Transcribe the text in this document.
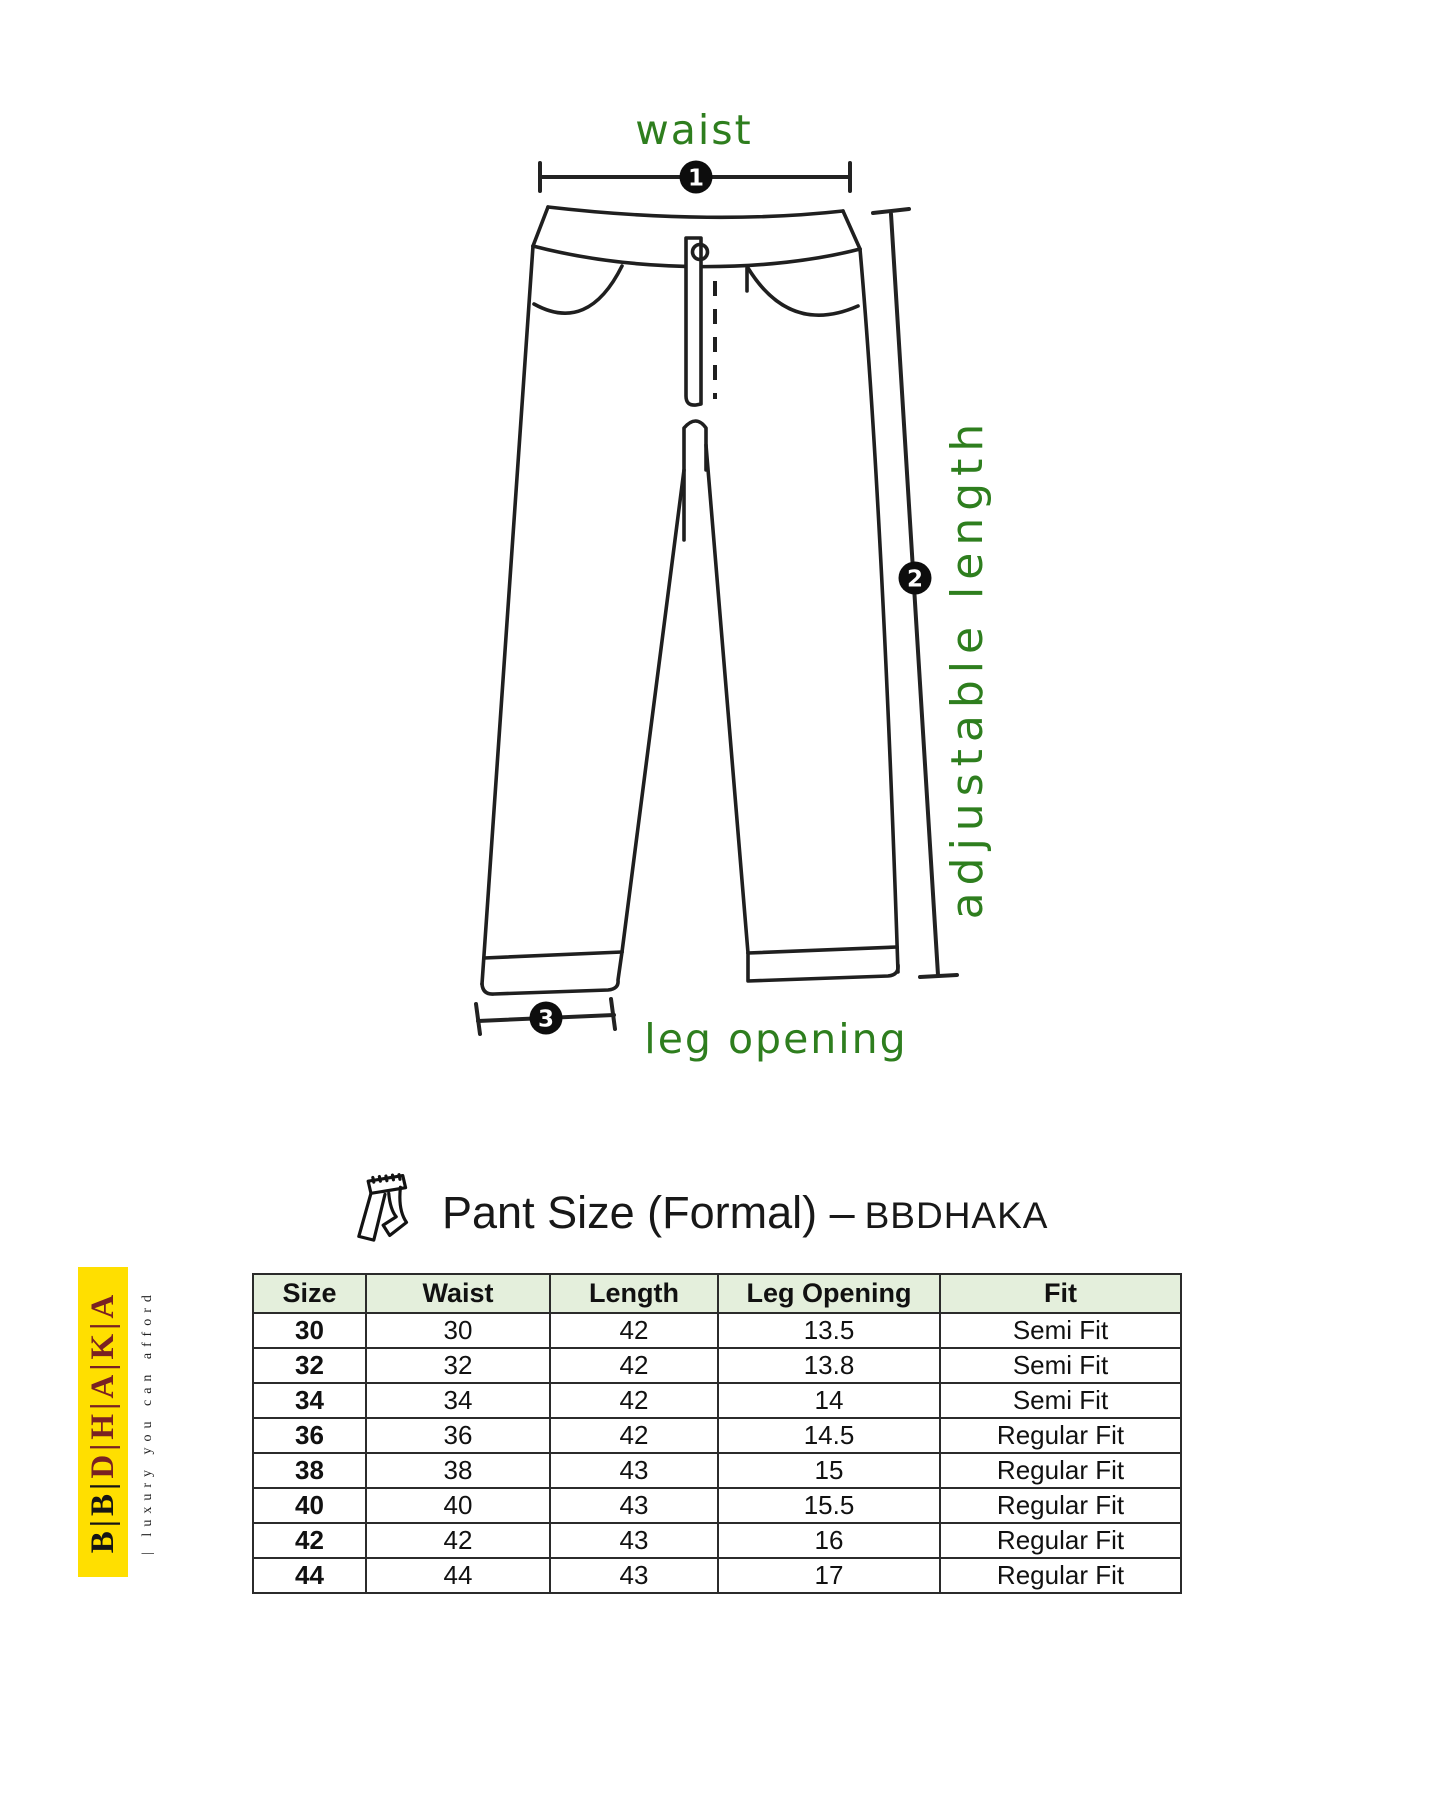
1
waist
2 adjustable length
3 leg opening
Pant Size (Formal) – BBDHAKA
Size	Waist	Length	Leg Opening	Fit
30	30	42	13.5	Semi Fit
32	32	42	13.8	Semi Fit
34	34	42	14	Semi Fit
36	36	42	14.5	Regular Fit
38	38	43	15	Regular Fit
40	40	43	15.5	Regular Fit
42	42	43	16	Regular Fit
44	44	43	17	Regular Fit
B|B|D|H|A|K|A	| luxury you can afford
